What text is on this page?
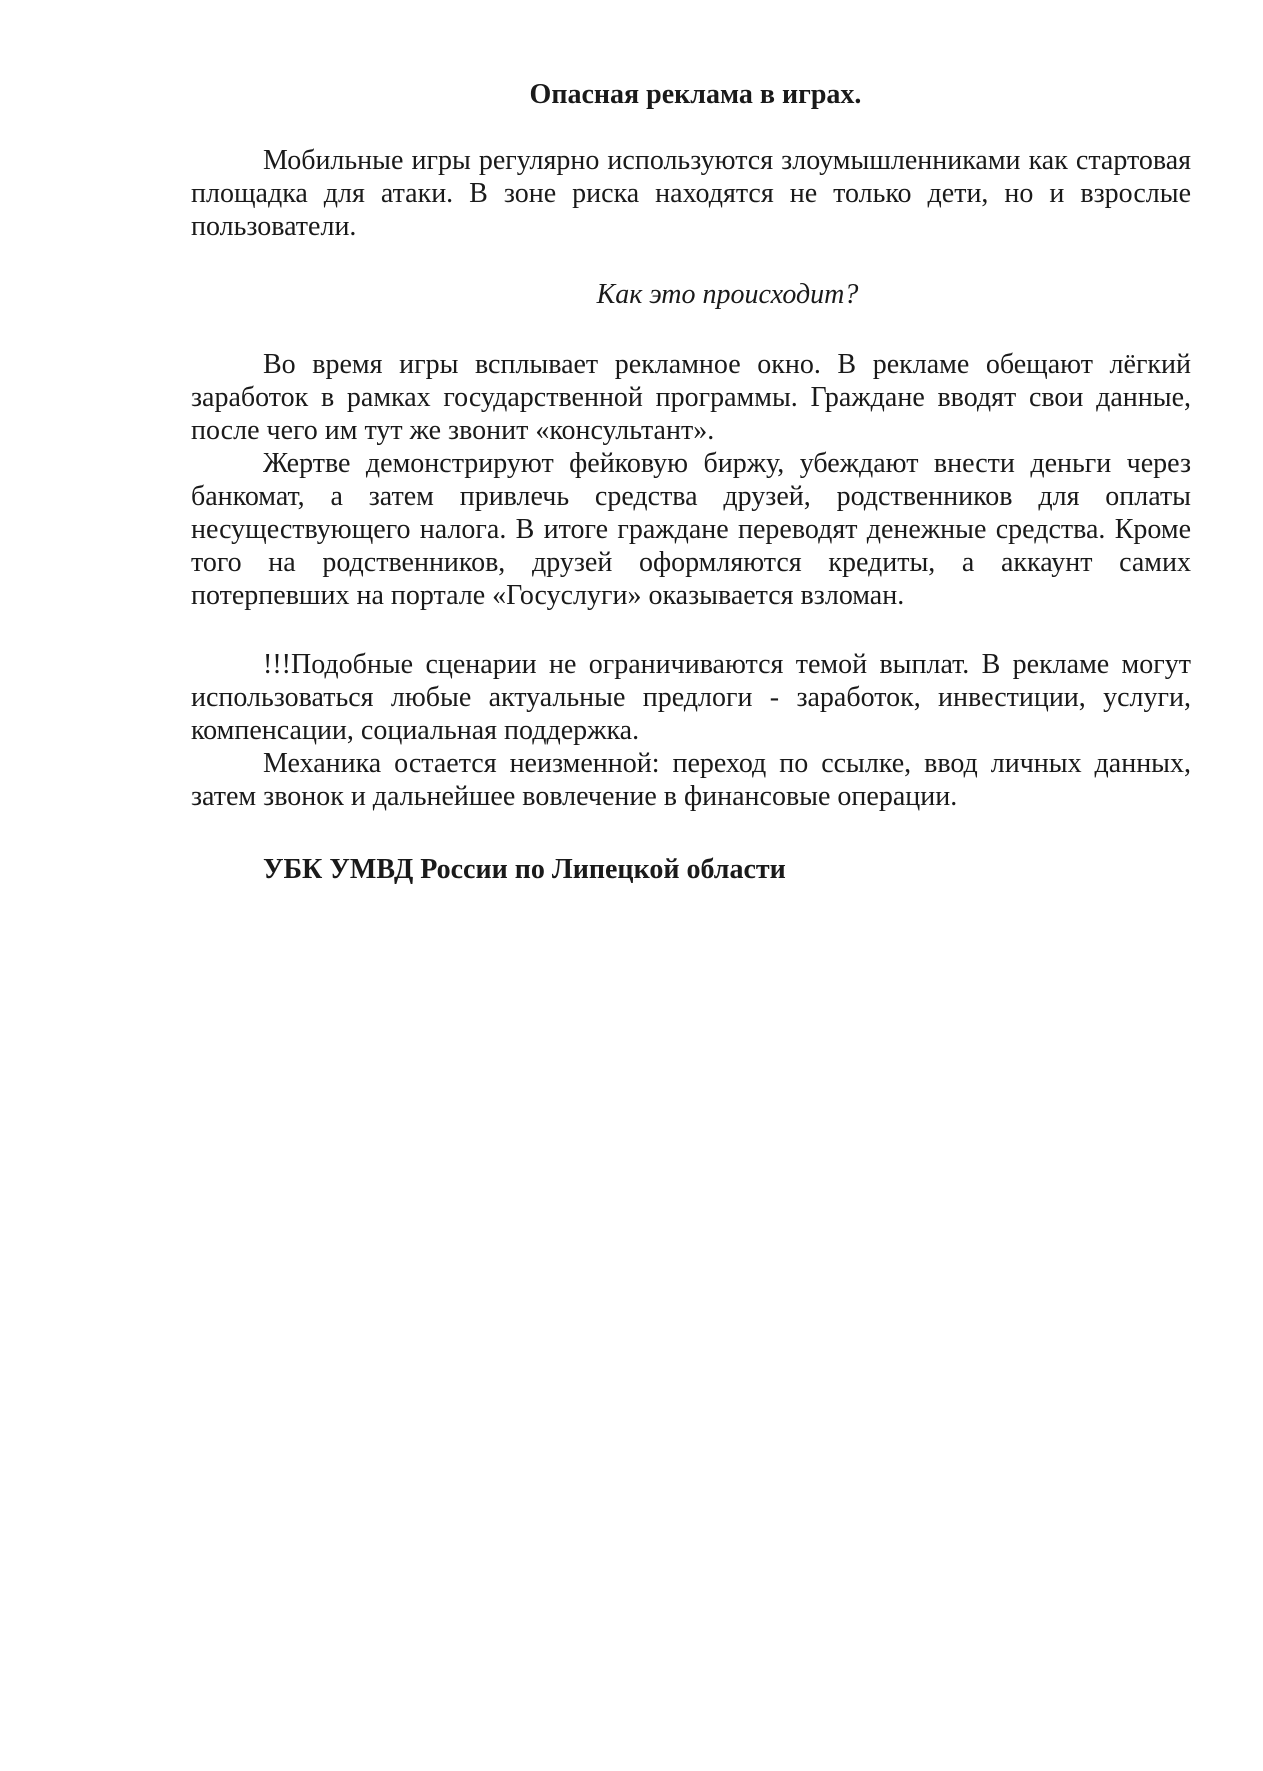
Опасная реклама в играх.

Мобильные игры регулярно используются злоумышленниками как стартовая площадка для атаки. В зоне риска находятся не только дети, но и взрослые пользователи.

Как это происходит?

Во время игры всплывает рекламное окно. В рекламе обещают лёгкий заработок в рамках государственной программы. Граждане вводят свои данные, после чего им тут же звонит «консультант».

Жертве демонстрируют фейковую биржу, убеждают внести деньги через банкомат, а затем привлечь средства друзей, родственников для оплаты несуществующего налога. В итоге граждане переводят денежные средства. Кроме того на родственников, друзей оформляются кредиты, а аккаунт самих потерпевших на портале «Госуслуги» оказывается взломан.

!!!Подобные сценарии не ограничиваются темой выплат. В рекламе могут использоваться любые актуальные предлоги - заработок, инвестиции, услуги, компенсации, социальная поддержка.

Механика остается неизменной: переход по ссылке, ввод личных данных, затем звонок и дальнейшее вовлечение в финансовые операции.

УБК УМВД России по Липецкой области
